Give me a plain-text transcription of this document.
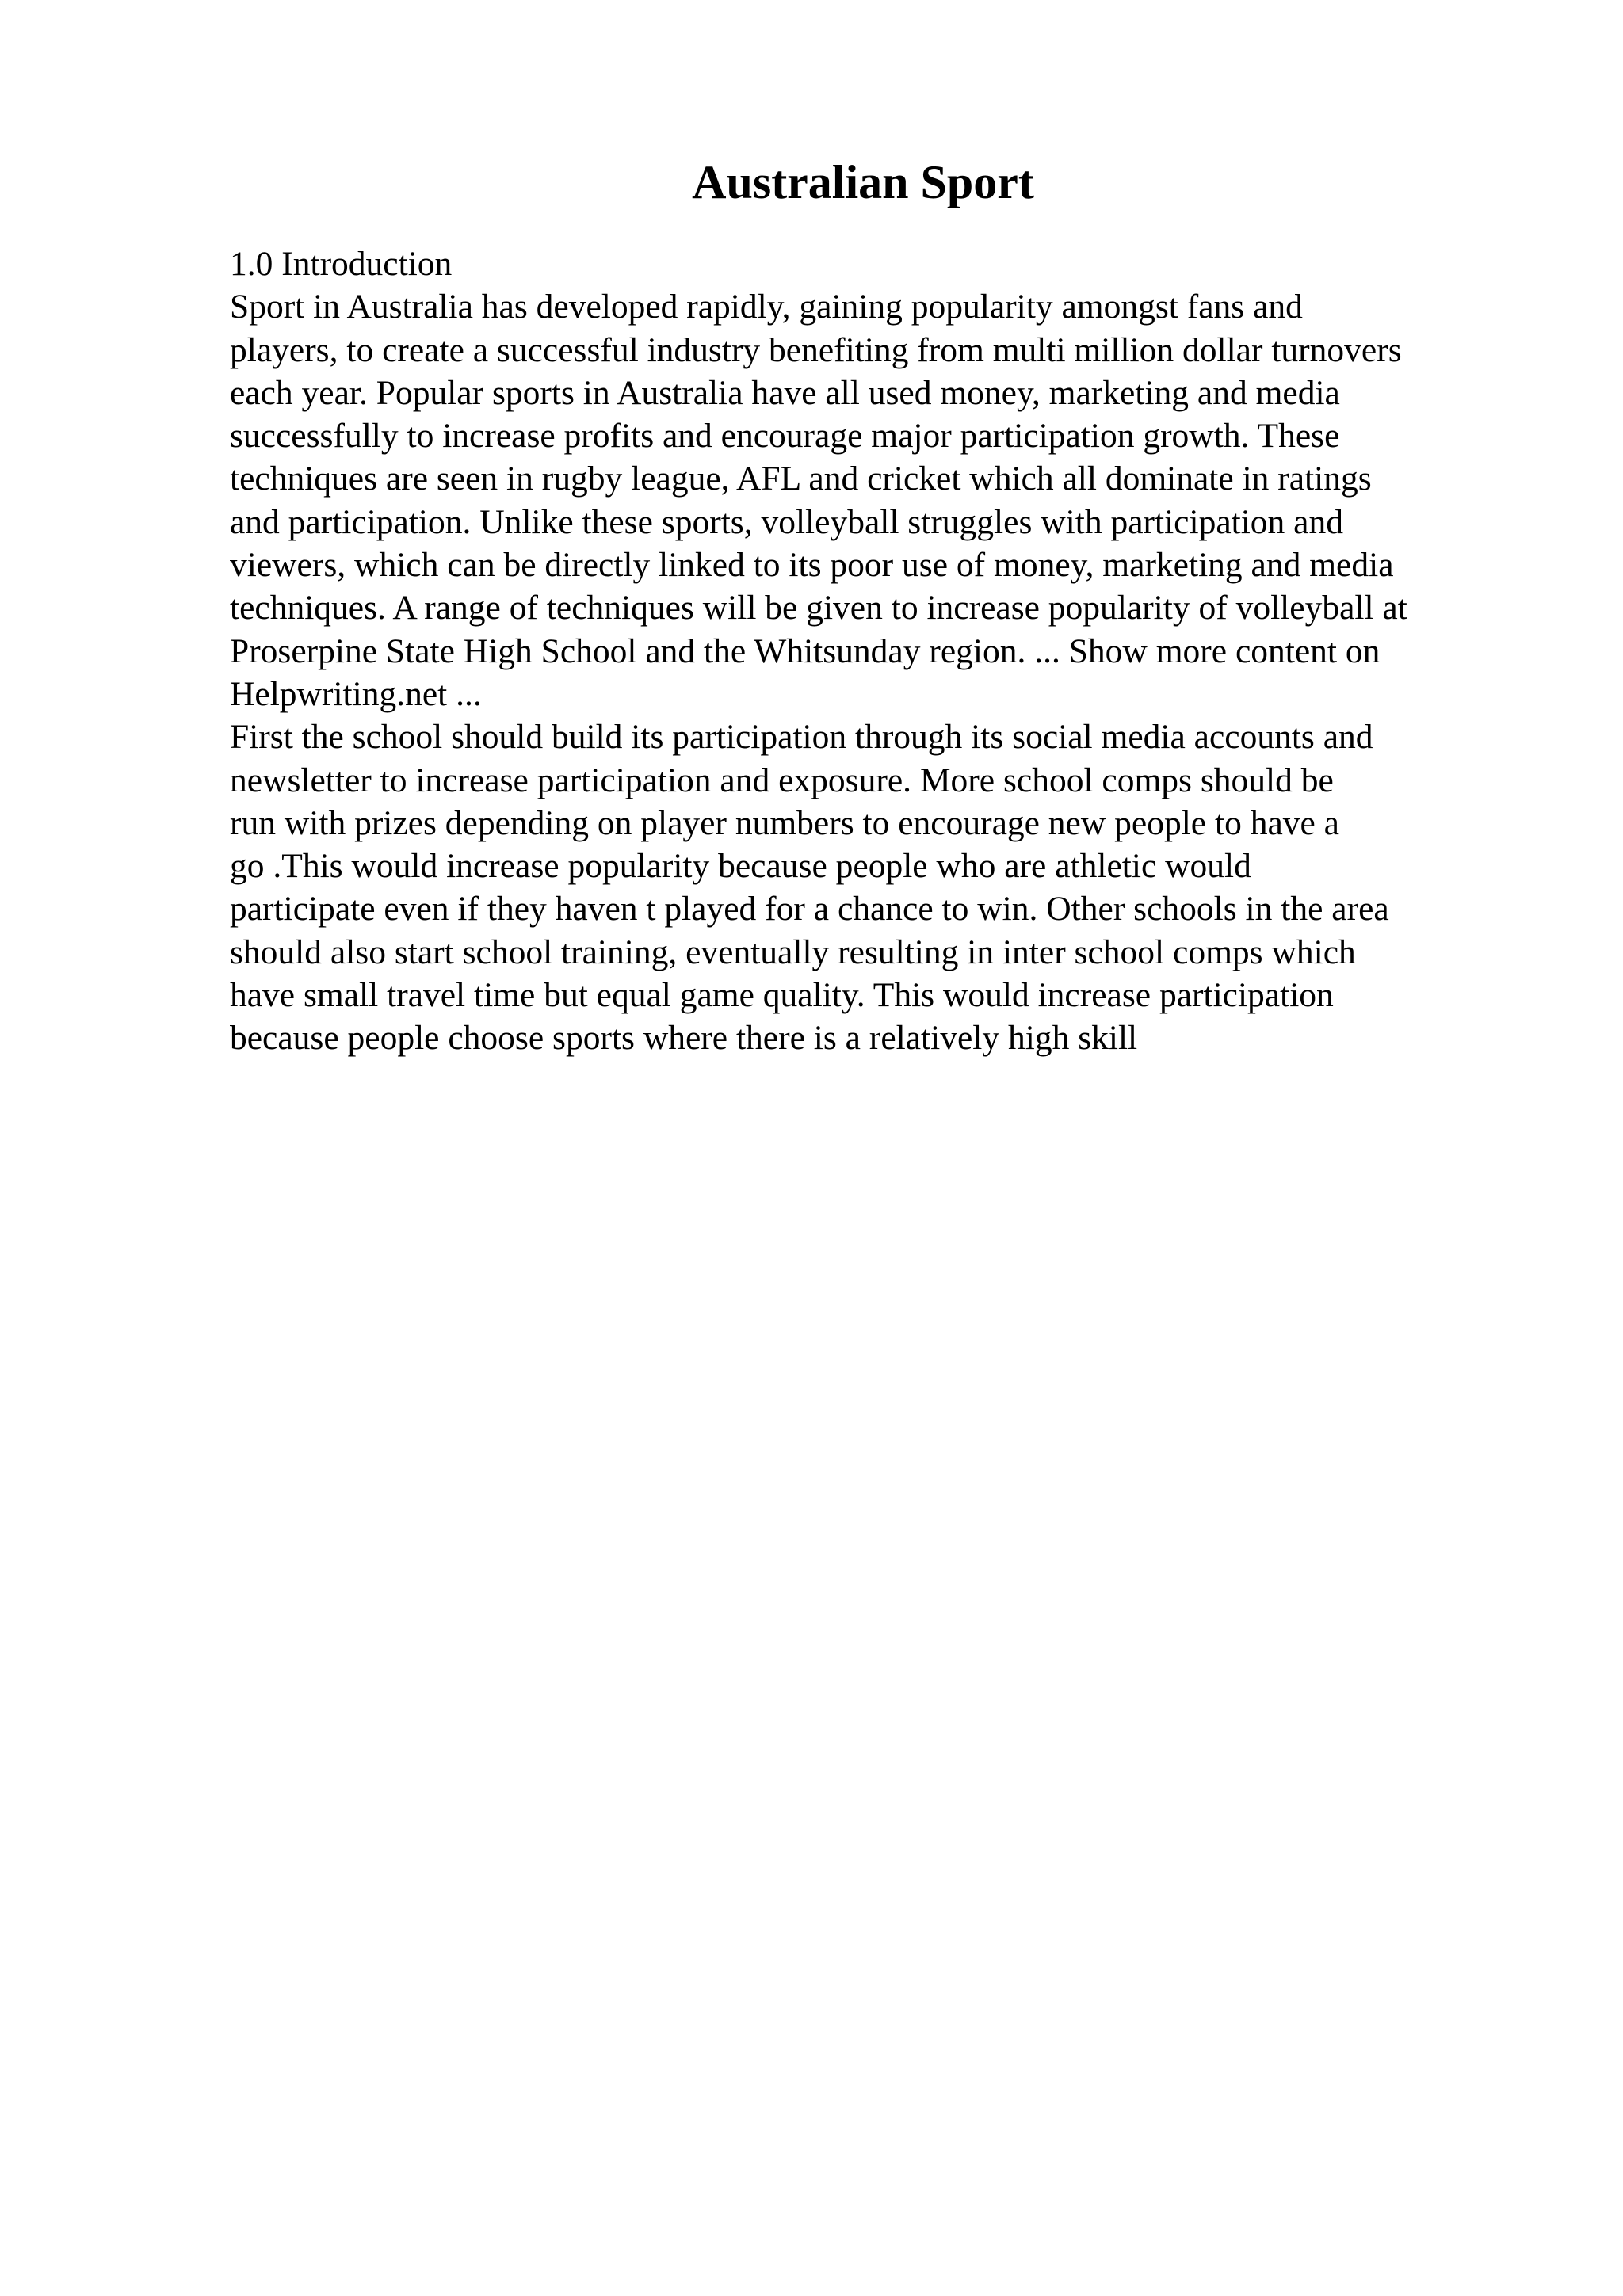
Australian Sport
1.0 Introduction
Sport in Australia has developed rapidly, gaining popularity amongst fans and
players, to create a successful industry benefiting from multi million dollar turnovers
each year. Popular sports in Australia have all used money, marketing and media
successfully to increase profits and encourage major participation growth. These
techniques are seen in rugby league, AFL and cricket which all dominate in ratings
and participation. Unlike these sports, volleyball struggles with participation and
viewers, which can be directly linked to its poor use of money, marketing and media
techniques. A range of techniques will be given to increase popularity of volleyball at
Proserpine State High School and the Whitsunday region. ... Show more content on
Helpwriting.net ...
First the school should build its participation through its social media accounts and
newsletter to increase participation and exposure. More school comps should be
run with prizes depending on player numbers to encourage new people to have a
go .This would increase popularity because people who are athletic would
participate even if they haven t played for a chance to win. Other schools in the area
should also start school training, eventually resulting in inter school comps which
have small travel time but equal game quality. This would increase participation
because people choose sports where there is a relatively high skill
